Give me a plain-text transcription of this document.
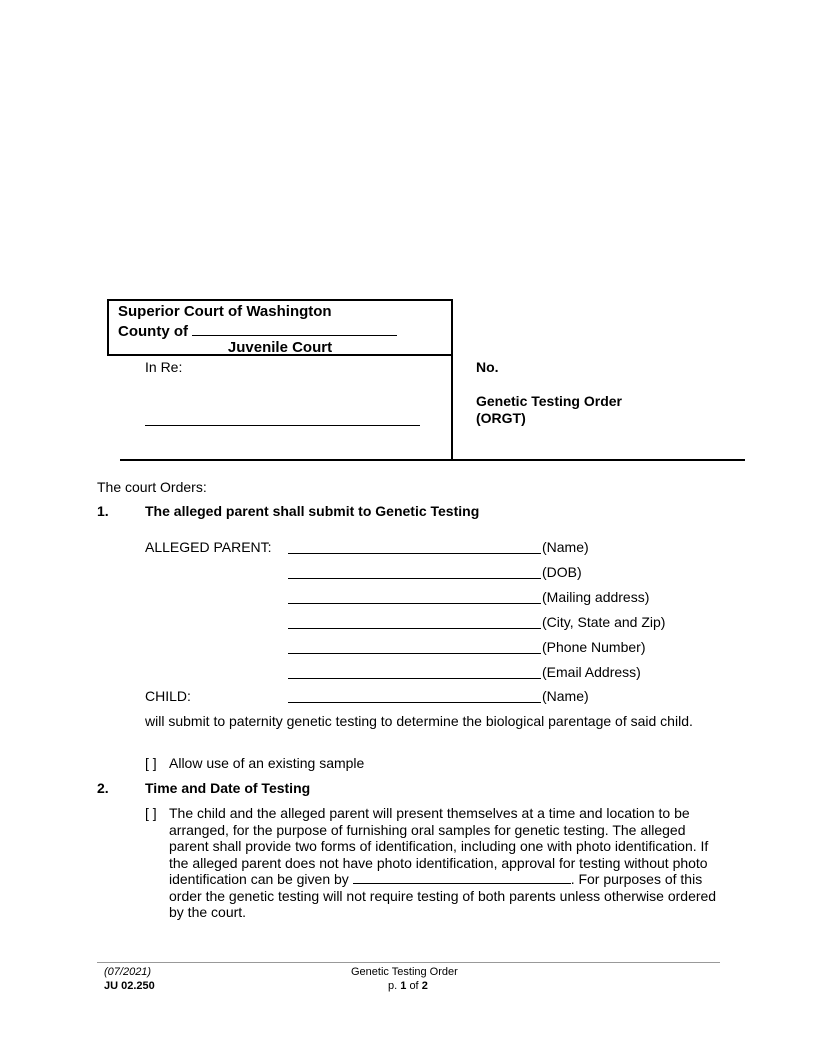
Superior Court of Washington
County of
Juvenile Court
In Re:	No.
Genetic Testing Order
(ORGT)
The court Orders:
1.	The alleged parent shall submit to Genetic Testing
ALLEGED PARENT:	(Name)
(DOB)
(Mailing address)
(City, State and Zip)
(Phone Number)
(Email Address)
CHILD:	(Name)
will submit to paternity genetic testing to determine the biological parentage of said child.
[ ] Allow use of an existing sample
2.	Time and Date of Testing
[ ] The child and the alleged parent will present themselves at a time and location to be arranged, for the purpose of furnishing oral samples for genetic testing. The alleged parent shall provide two forms of identification, including one with photo identification. If the alleged parent does not have photo identification, approval for testing without photo identification can be given by	. For purposes of this order the genetic testing will not require testing of both parents unless otherwise ordered by the court.
(07/2021)
JU 02.250
Genetic Testing Order
p. 1 of 2
